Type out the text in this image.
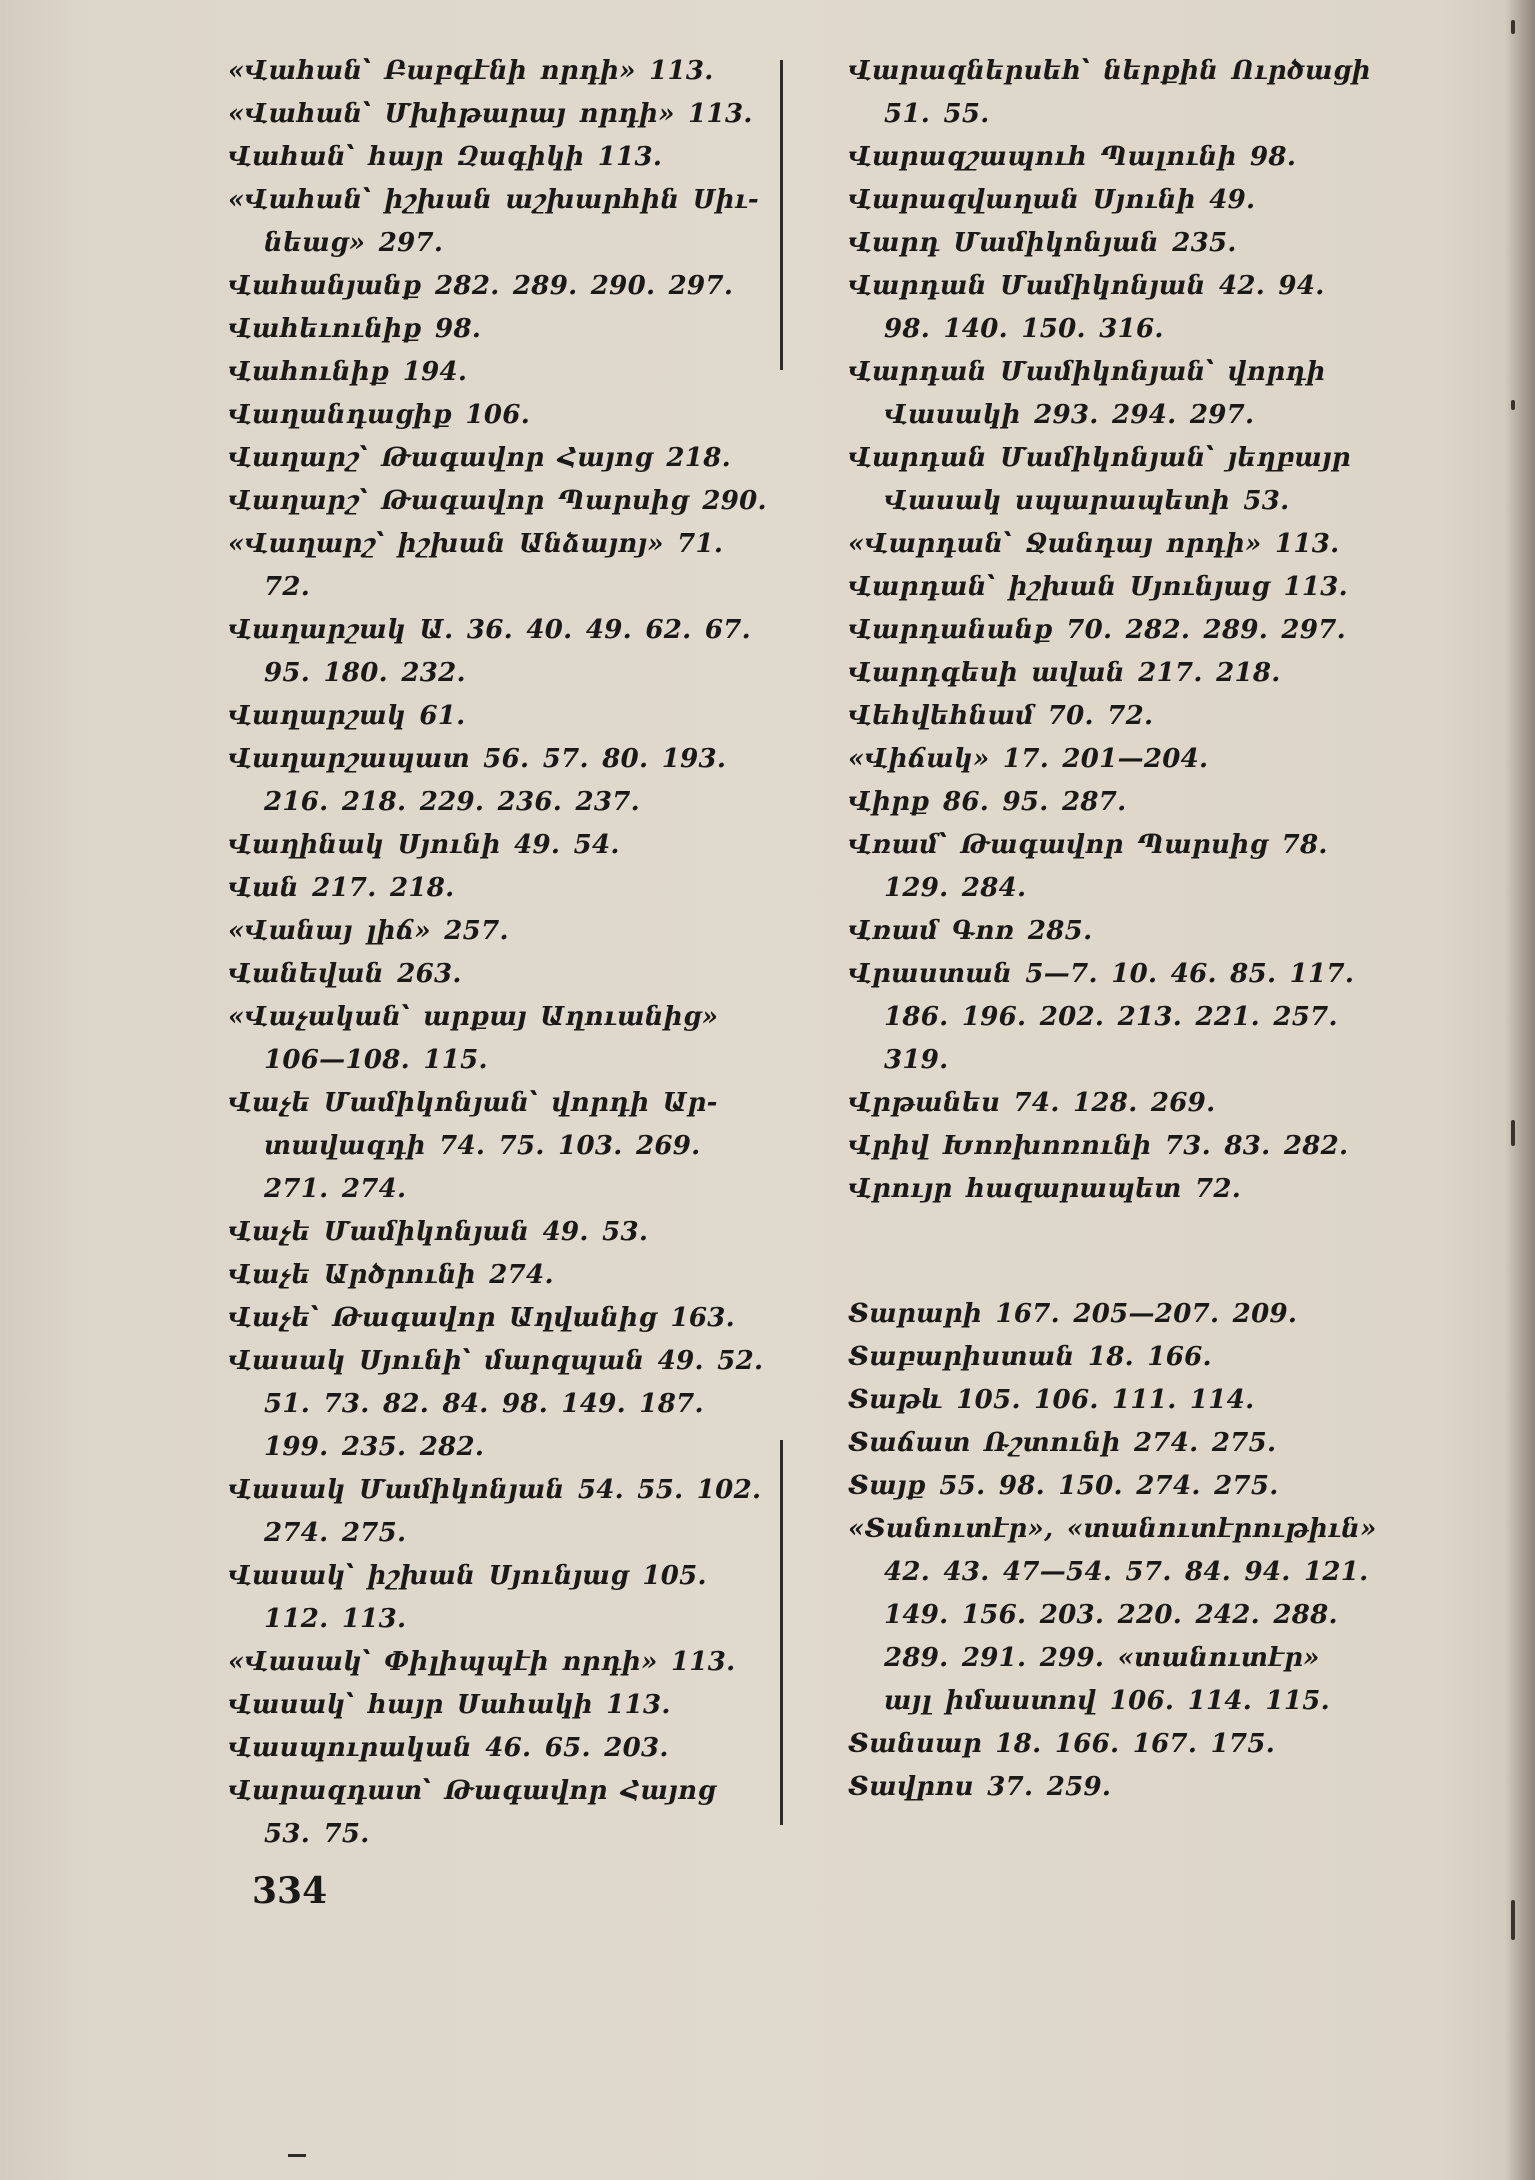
«Վահան՝ Բաբգէնի որդի» 113.

«Վահան՝ Մխիթարայ որդի» 113.

Վահան՝ հայր Զագիկի 113.

«Վահան՝ իշխան աշխարհին Սիւ-նեաց» 297.

Վահանյանք 282. 289. 290. 297.

Վահեւունիք 98.

Վահունիք 194.

Վաղանդացիք 106.

Վաղարշ՝ Թագավոր Հայոց 218.

Վաղարշ՝ Թագավոր Պարսից 290.

«Վաղարշ՝ իշխան Անձայոյ» 71. 72.

Վաղարշակ Ա. 36. 40. 49. 62. 67. 95. 180. 232.

Վաղարշակ 61.

Վաղարշապատ 56. 57. 80. 193. 216. 218. 229. 236. 237.

Վաղինակ Սյունի 49. 54.

Վան 217. 218.

«Վանայ լիճ» 257.

Վանեվան 263.

«Վաչական՝ արքայ Աղուանից» 106—108. 115.

Վաչե Մամիկոնյան՝ վորդի Ար-տավազդի 74. 75. 103. 269. 271. 274.

Վաչե Մամիկոնյան 49. 53.

Վաչե Արծրունի 274.

Վաչե՝ Թագավոր Աղվանից 163.

Վասակ Սյունի՝ մարզպան 49. 52. 51. 73. 82. 84. 98. 149. 187. 199. 235. 282.

Վասակ Մամիկոնյան 54. 55. 102. 274. 275.

Վասակ՝ իշխան Սյունյաց 105. 112. 113.

«Վասակ՝ Փիլիպպէի որդի» 113.

Վասակ՝ հայր Սահակի 113.

Վասպուրական 46. 65. 203.

Վարազդատ՝ Թագավոր Հայոց 53. 75.

Վարազներսեհ՝ ներքին Ուրծացի 51. 55.

Վարազշապուհ Պալունի 98.

Վարազվաղան Սյունի 49.

Վարդ Մամիկոնյան 235.

Վարդան Մամիկոնյան 42. 94. 98. 140. 150. 316.

Վարդան Մամիկոնյան՝ վորդի Վասակի 293. 294. 297.

Վարդան Մամիկոնյան՝ յեղբայր Վասակ սպարապետի 53.

«Վարդան՝ Ջանդայ որդի» 113.

Վարդան՝ իշխան Սյունյաց 113.

Վարդանանք 70. 282. 289. 297.

Վարդգեսի ավան 217. 218.

Վեհվեհնամ 70. 72.

«Վիճակ» 17. 201—204.

Վիրք 86. 95. 287.

Վռամ՝ Թագավոր Պարսից 78. 129. 284.

Վռամ Գոռ 285.

Վրաստան 5—7. 10. 46. 85. 117. 186. 196. 202. 213. 221. 257. 319.

Վրթանես 74. 128. 269.

Վրիվ Խոռխոռունի 73. 83. 282.

Վրույր հազարապետ 72.

Տարարի 167. 205—207. 209.

Տաբարիստան 18. 166.

Տաթև 105. 106. 111. 114.

Տաճատ Ռշտունի 274. 275.

Տայք 55. 98. 150. 274. 275.

«Տանուտէր», «տանուտէրութիւն» 42. 43. 47—54. 57. 84. 94. 121. 149. 156. 203. 220. 242. 288. 289. 291. 299. «տանուտէր» այլ իմաստով 106. 114. 115.

Տանսար 18. 166. 167. 175.

Տավրոս 37. 259.

334
